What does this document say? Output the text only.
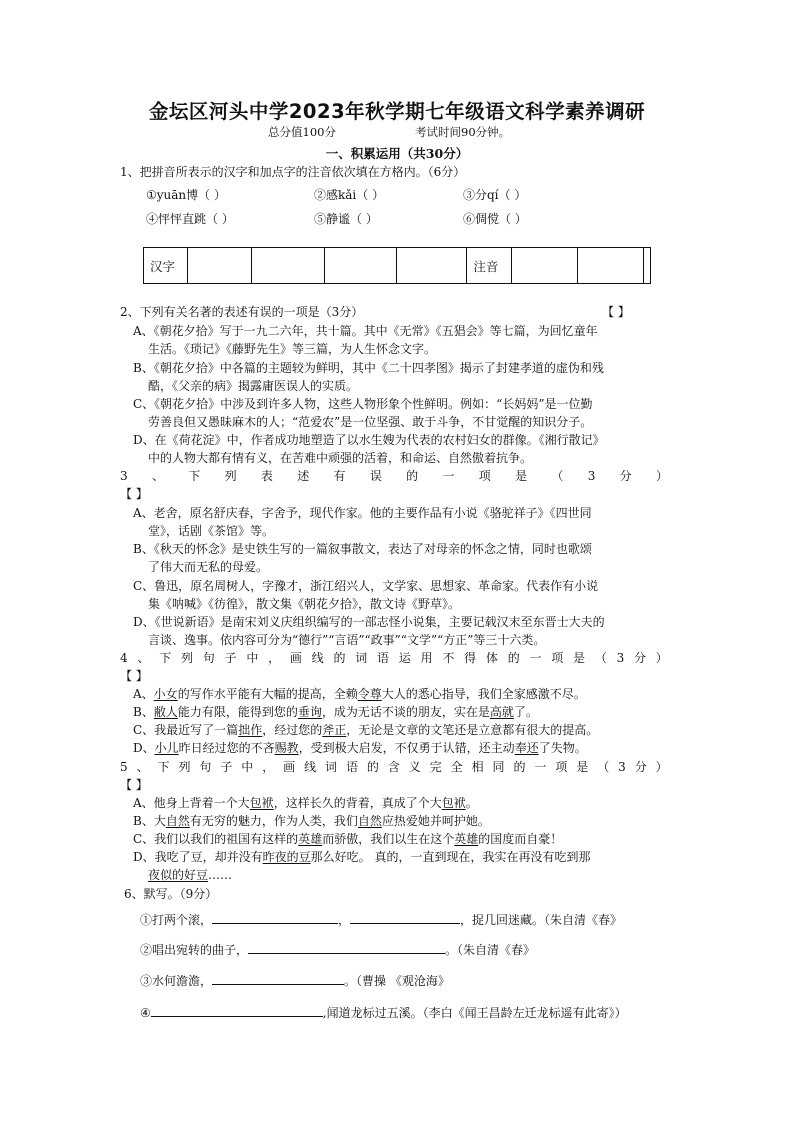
金坛区河头中学2023年秋学期七年级语文科学素养调研
总分值100分	考试时间90分钟。
一、积累运用（共30分）
1、把拼音所表示的汉字和加点字的注音依次填在方格内。（6分）
①yuān博（ ）	②感kǎi（ ）	③分qí（ ）
④怦怦直跳（ ）	⑤静谧（ ）	⑥倜傥（ ）
汉字					注音			
2、下列有关名著的表述有误的一项是（3分）	【 】
A、《朝花夕拾》写于一九二六年，共十篇。其中《无常》《五猖会》等七篇，为回忆童年
生活。《琐记》《藤野先生》等三篇，为人生怀念文字。
B、《朝花夕拾》中各篇的主题较为鲜明，其中《二十四孝图》揭示了封建孝道的虚伪和残
酷，《父亲的病》揭露庸医误人的实质。
C、《朝花夕拾》中涉及到许多人物，这些人物形象个性鲜明。例如：“长妈妈”是一位勤
劳善良但又愚昧麻木的人；“范爱农”是一位坚强、敢于斗争，不甘觉醒的知识分子。
D、在《荷花淀》中，作者成功地塑造了以水生嫂为代表的农村妇女的群像。《湘行散记》
中的人物大都有情有义，在苦难中顽强的活着，和命运、自然傲着抗争。
3 、 下 列 表 述 有 误 的 一 项 是 （ 3 分 ）
【 】
A、老舍，原名舒庆春，字舍予，现代作家。他的主要作品有小说《骆驼祥子》《四世同
堂》，话剧《茶馆》等。
B、《秋天的怀念》是史铁生写的一篇叙事散文，表达了对母亲的怀念之情，同时也歌颂
了伟大而无私的母爱。
C、鲁迅，原名周树人，字豫才，浙江绍兴人，文学家、思想家、革命家。代表作有小说
集《呐喊》《彷徨》，散文集《朝花夕拾》，散文诗《野草》。
D、《世说新语》是南宋刘义庆组织编写的一部志怪小说集，主要记载汉末至东晋士大夫的
言谈、逸事。依内容可分为“德行”“言语”“政事”“文学”“方正”等三十六类。
4 、 下 列 句 子 中 ， 画 线 的 词 语 运 用 不 得 体 的 一 项 是 （ 3 分 ）
【 】
A、小女的写作水平能有大幅的提高，全赖令尊大人的悉心指导，我们全家感激不尽。
B、敝人能力有限，能得到您的垂询，成为无话不谈的朋友，实在是高就了。
C、我最近写了一篇拙作，经过您的斧正，无论是文章的文笔还是立意都有很大的提高。
D、小儿昨日经过您的不吝赐教，受到极大启发，不仅勇于认错，还主动奉还了失物。
5 、 下 列 句 子 中 ， 画 线 词 语 的 含 义 完 全 相 同 的 一 项 是 （ 3 分 ）
【 】
A、他身上背着一个大包袱，这样长久的背着，真成了个大包袱。
B、大自然有无穷的魅力，作为人类，我们自然应热爱她并呵护她。
C、我们以我们的祖国有这样的英雄而骄傲，我们以生在这个英雄的国度而自豪！
D、我吃了豆，却并没有昨夜的豆那么好吃。 真的，一直到现在，我实在再没有吃到那
夜似的好豆……
6、默写。（9分）
①打两个滚，	，	，捉几回迷藏。（朱自清《春》
②唱出宛转的曲子，	。（朱自清《春》
③水何澹澹，	。（曹操 《观沧海》
④	,闻道龙标过五溪。（李白《闻王昌龄左迁龙标遥有此寄》）
